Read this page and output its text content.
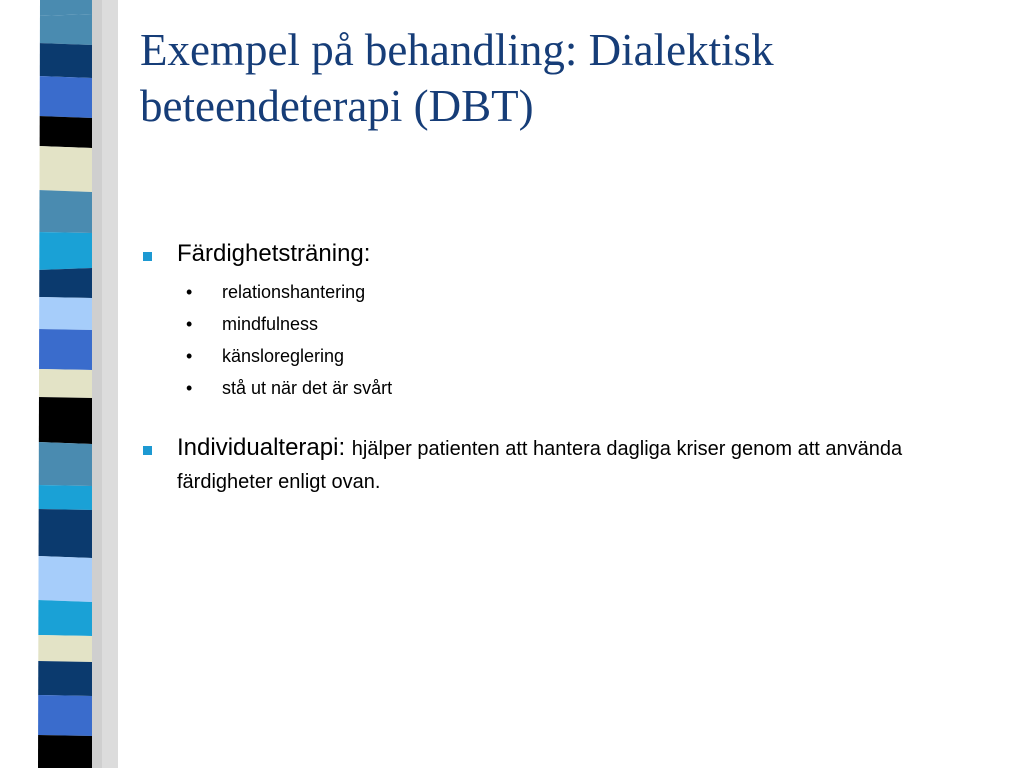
Exempel på behandling: Dialektisk beteendeterapi (DBT)
Färdighetsträning:
• relationshantering
• mindfulness
• känsloreglering
• stå ut när det är svårt
Individualterapi: hjälper patienten att hantera dagliga kriser genom att använda färdigheter enligt ovan.
